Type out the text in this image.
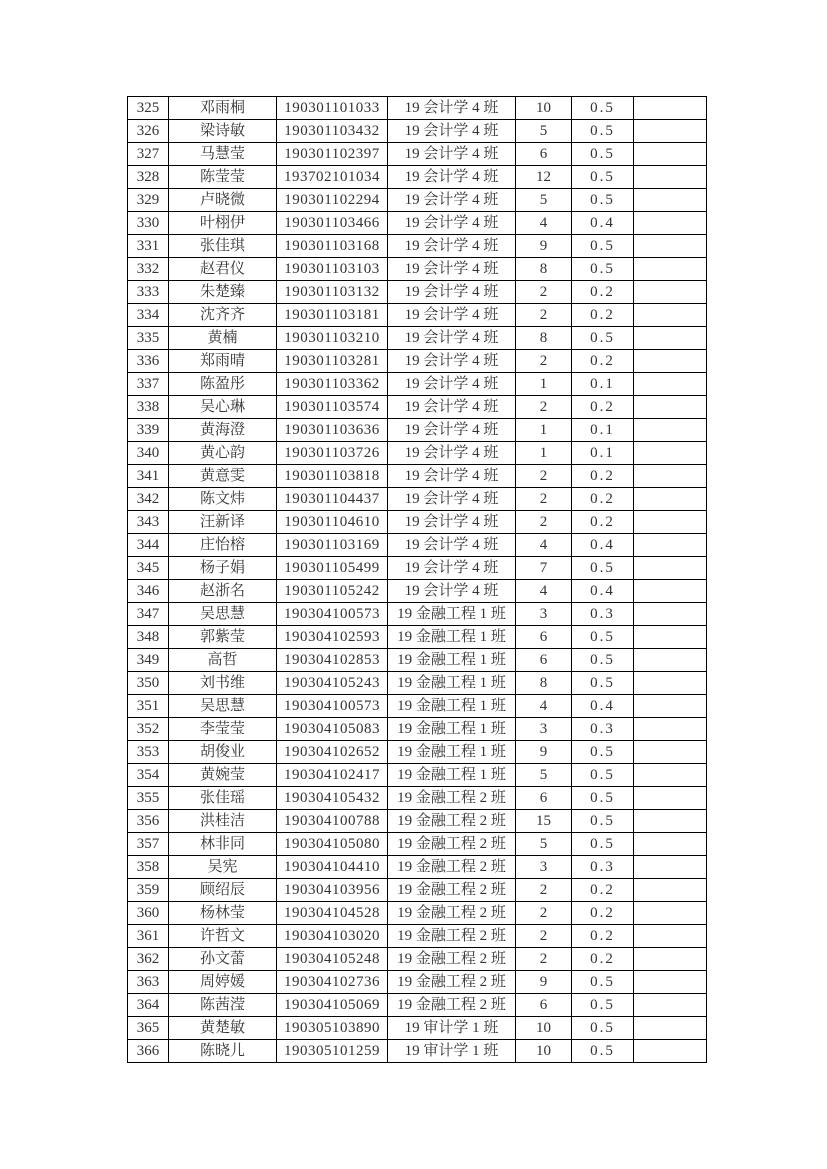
325	邓雨桐	190301101033	19 会计学 4 班	10	0.5	
326	梁诗敏	190301103432	19 会计学 4 班	5	0.5	
327	马慧莹	190301102397	19 会计学 4 班	6	0.5	
328	陈莹莹	193702101034	19 会计学 4 班	12	0.5	
329	卢晓微	190301102294	19 会计学 4 班	5	0.5	
330	叶栩伊	190301103466	19 会计学 4 班	4	0.4	
331	张佳琪	190301103168	19 会计学 4 班	9	0.5	
332	赵君仪	190301103103	19 会计学 4 班	8	0.5	
333	朱楚臻	190301103132	19 会计学 4 班	2	0.2	
334	沈齐齐	190301103181	19 会计学 4 班	2	0.2	
335	黄楠	190301103210	19 会计学 4 班	8	0.5	
336	郑雨晴	190301103281	19 会计学 4 班	2	0.2	
337	陈盈彤	190301103362	19 会计学 4 班	1	0.1	
338	吴心琳	190301103574	19 会计学 4 班	2	0.2	
339	黄海澄	190301103636	19 会计学 4 班	1	0.1	
340	黄心韵	190301103726	19 会计学 4 班	1	0.1	
341	黄意雯	190301103818	19 会计学 4 班	2	0.2	
342	陈文炜	190301104437	19 会计学 4 班	2	0.2	
343	汪新译	190301104610	19 会计学 4 班	2	0.2	
344	庄怡榕	190301103169	19 会计学 4 班	4	0.4	
345	杨子娟	190301105499	19 会计学 4 班	7	0.5	
346	赵浙名	190301105242	19 会计学 4 班	4	0.4	
347	吴思慧	190304100573	19 金融工程 1 班	3	0.3	
348	郭紫莹	190304102593	19 金融工程 1 班	6	0.5	
349	高哲	190304102853	19 金融工程 1 班	6	0.5	
350	刘书维	190304105243	19 金融工程 1 班	8	0.5	
351	吴思慧	190304100573	19 金融工程 1 班	4	0.4	
352	李莹莹	190304105083	19 金融工程 1 班	3	0.3	
353	胡俊业	190304102652	19 金融工程 1 班	9	0.5	
354	黄婉莹	190304102417	19 金融工程 1 班	5	0.5	
355	张佳瑶	190304105432	19 金融工程 2 班	6	0.5	
356	洪桂洁	190304100788	19 金融工程 2 班	15	0.5	
357	林非同	190304105080	19 金融工程 2 班	5	0.5	
358	吴宪	190304104410	19 金融工程 2 班	3	0.3	
359	顾绍辰	190304103956	19 金融工程 2 班	2	0.2	
360	杨林莹	190304104528	19 金融工程 2 班	2	0.2	
361	许哲文	190304103020	19 金融工程 2 班	2	0.2	
362	孙文蕾	190304105248	19 金融工程 2 班	2	0.2	
363	周婷媛	190304102736	19 金融工程 2 班	9	0.5	
364	陈茜滢	190304105069	19 金融工程 2 班	6	0.5	
365	黄楚敏	190305103890	19 审计学 1 班	10	0.5	
366	陈晓儿	190305101259	19 审计学 1 班	10	0.5	
